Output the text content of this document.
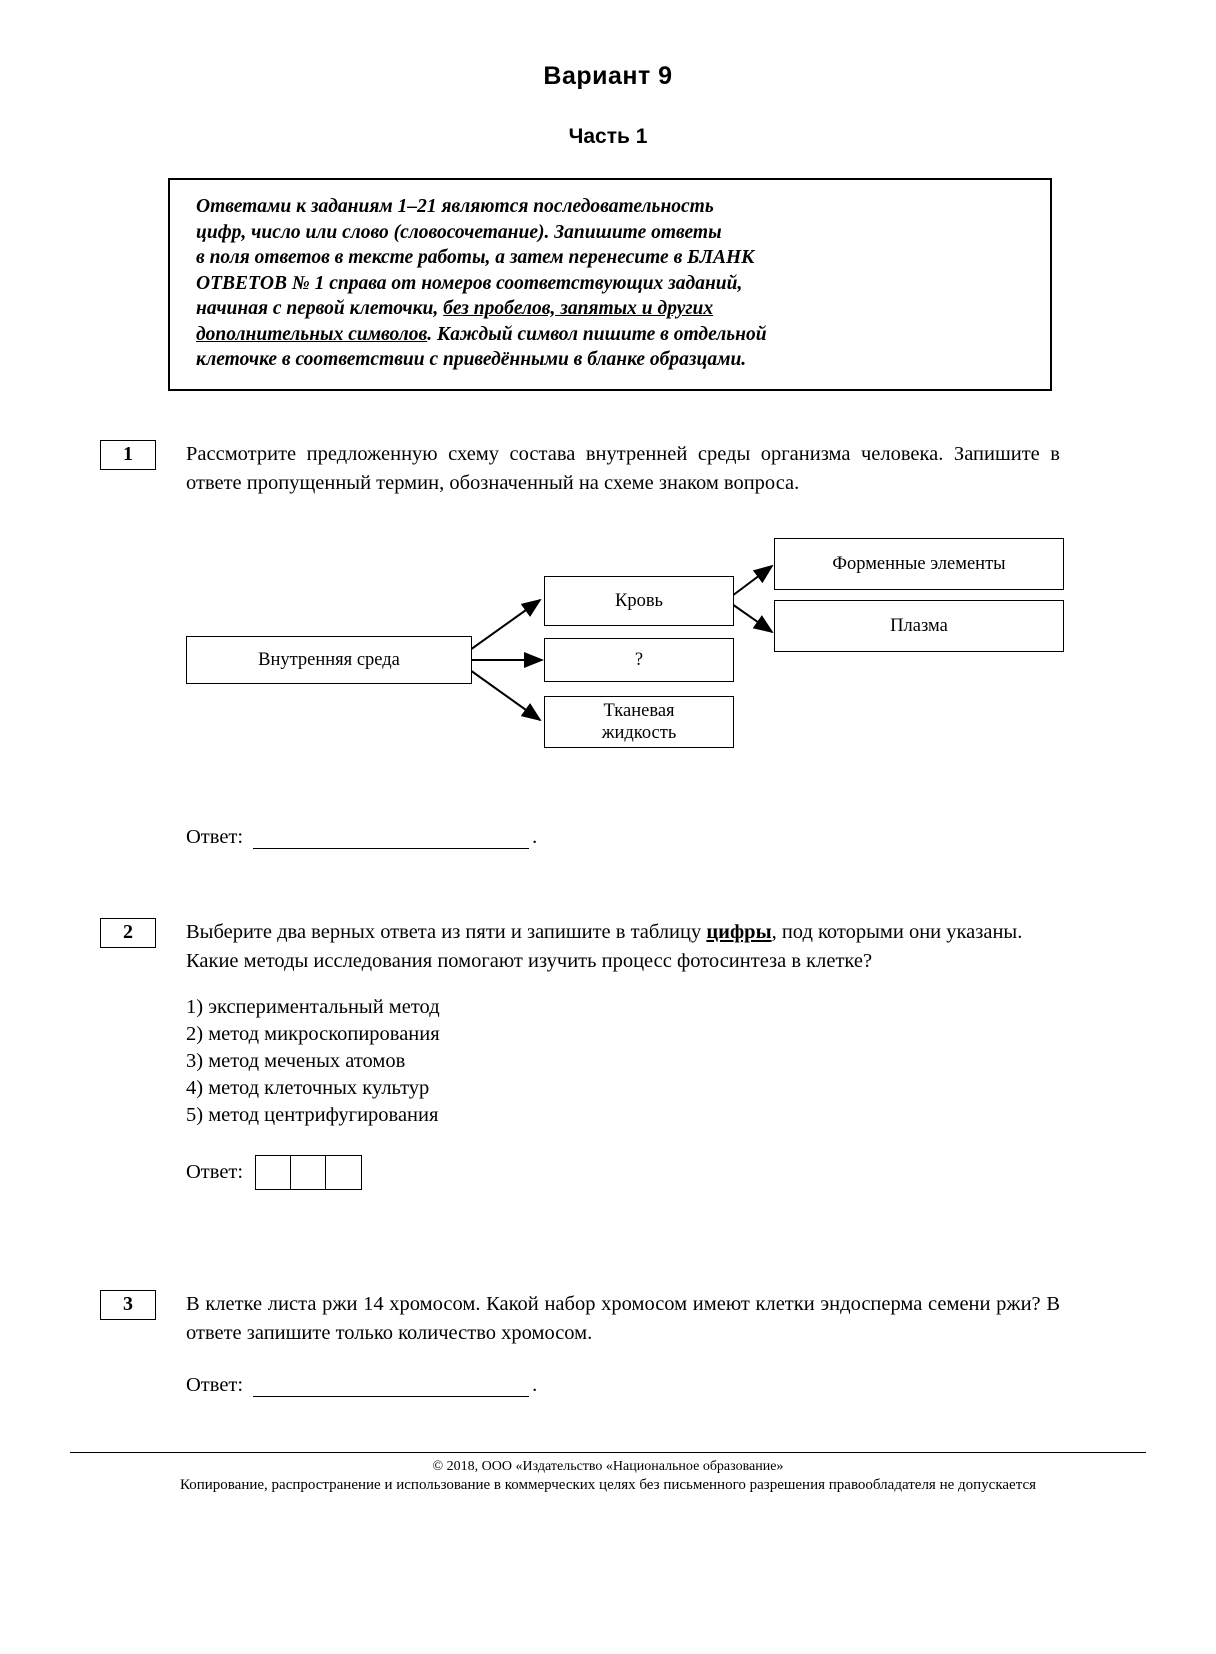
Вариант 9
Часть 1

Ответами к заданиям 1–21 являются последовательность
цифр, число или слово (словосочетание). Запишите ответы
в поля ответов в тексте работы, а затем перенесите в БЛАНК
ОТВЕТОВ № 1 справа от номеров соответствующих заданий,
начиная с первой клеточки, без пробелов, запятых и других
дополнительных символов. Каждый символ пишите в отдельной
клеточке в соответствии с приведёнными в бланке образцами.

1	Рассмотрите предложенную схему состава внутренней среды организма человека. Запишите в ответе пропущенный термин, обозначенный на схеме знаком вопроса.
Внутренняя среда
Кровь
?
Тканевая
жидкость
Форменные элементы
Плазма
Ответ:	.
2	Выберите два верных ответа из пяти и запишите в таблицу цифры, под которыми они указаны.
Какие методы исследования помогают изучить процесс фотосинтеза в клетке?
1) экспериментальный метод
2) метод микроскопирования
3) метод меченых атомов
4) метод клеточных культур
5) метод центрифугирования
Ответ:
3	В клетке листа ржи 14 хромосом. Какой набор хромосом имеют клетки эндосперма семени ржи? В ответе запишите только количество хромосом.
Ответ:	.
© 2018, ООО «Издательство «Национальное образование»
Копирование, распространение и использование в коммерческих целях без письменного разрешения правообладателя не допускается
